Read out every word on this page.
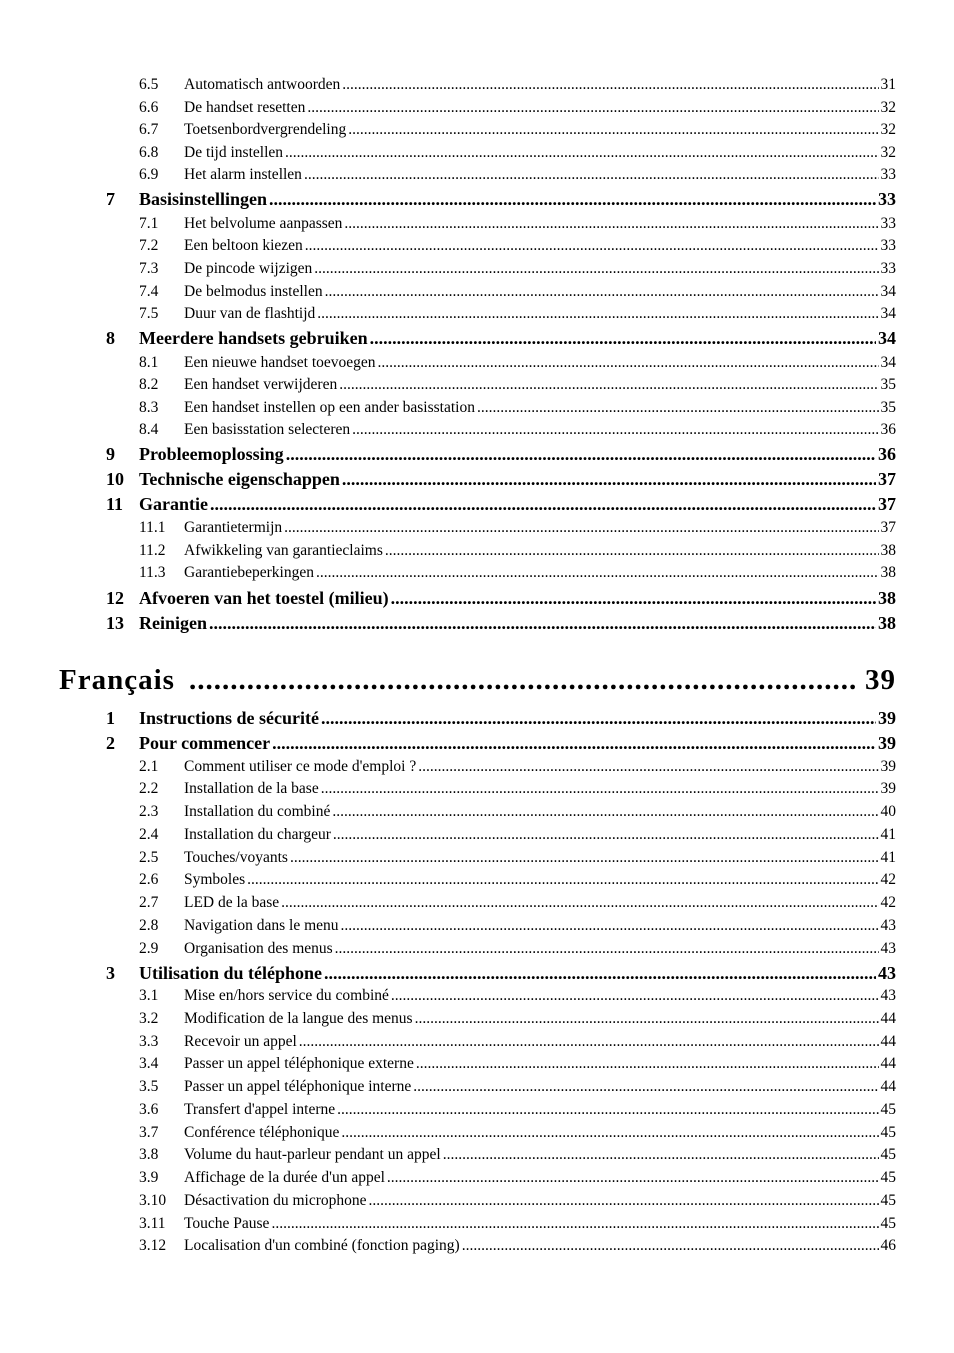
6.5	Automatisch antwoorden .....	31
6.6	De handset resetten .....	32
6.7	Toetsenbordvergrendeling .....	32
6.8	De tijd instellen .....	32
6.9	Het alarm instellen .....	33
7	Basisinstellingen .....	33
7.1	Het belvolume aanpassen .....	33
7.2	Een beltoon kiezen .....	33
7.3	De pincode wijzigen .....	33
7.4	De belmodus instellen .....	34
7.5	Duur van de flashtijd .....	34
8	Meerdere handsets gebruiken .....	34
8.1	Een nieuwe handset toevoegen .....	34
8.2	Een handset verwijderen .....	35
8.3	Een handset instellen op een ander basisstation .....	35
8.4	Een basisstation selecteren .....	36
9	Probleemoplossing .....	36
10 Technische eigenschappen .....	37
11 Garantie .....	37
11.1	Garantietermijn .....	37
11.2	Afwikkeling van garantieclaims .....	38
11.3	Garantiebeperkingen .....	38
12 Afvoeren van het toestel (milieu) .....	38
13 Reinigen .....	38
Français .....	39
1	Instructions de sécurité .....	39
2	Pour commencer .....	39
2.1	Comment utiliser ce mode d'emploi ? .....	39
2.2	Installation de la base .....	39
2.3	Installation du combiné .....	40
2.4	Installation du chargeur .....	41
2.5	Touches/voyants .....	41
2.6	Symboles .....	42
2.7	LED de la base .....	42
2.8	Navigation dans le menu .....	43
2.9	Organisation des menus .....	43
3	Utilisation du téléphone .....	43
3.1	Mise en/hors service du combiné .....	43
3.2	Modification de la langue des menus .....	44
3.3	Recevoir un appel .....	44
3.4	Passer un appel téléphonique externe .....	44
3.5	Passer un appel téléphonique interne .....	44
3.6	Transfert d'appel interne .....	45
3.7	Conférence téléphonique .....	45
3.8	Volume du haut-parleur pendant un appel .....	45
3.9	Affichage de la durée d'un appel .....	45
3.10	Désactivation du microphone .....	45
3.11	Touche Pause .....	45
3.12	Localisation d'un combiné (fonction paging) .....	46
